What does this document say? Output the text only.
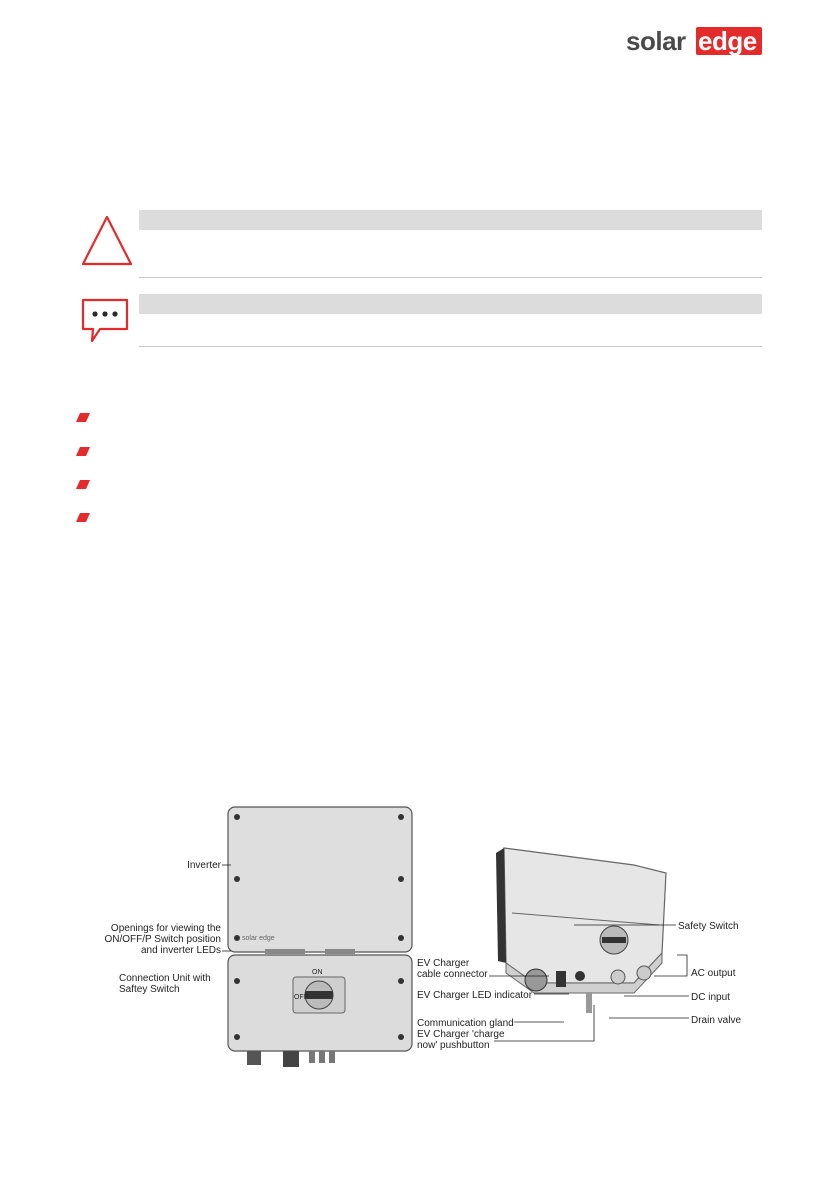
solar edge
ON
OFF
solar edge
Inverter
Openings for viewing the
ON/OFF/P Switch position
and inverter LEDs
Connection Unit with
Saftey Switch
Safety Switch
EV Charger
cable connector	AC output
EV Charger LED indicator	DC input
Communication gland	Drain valve
EV Charger 'charge
now' pushbutton
